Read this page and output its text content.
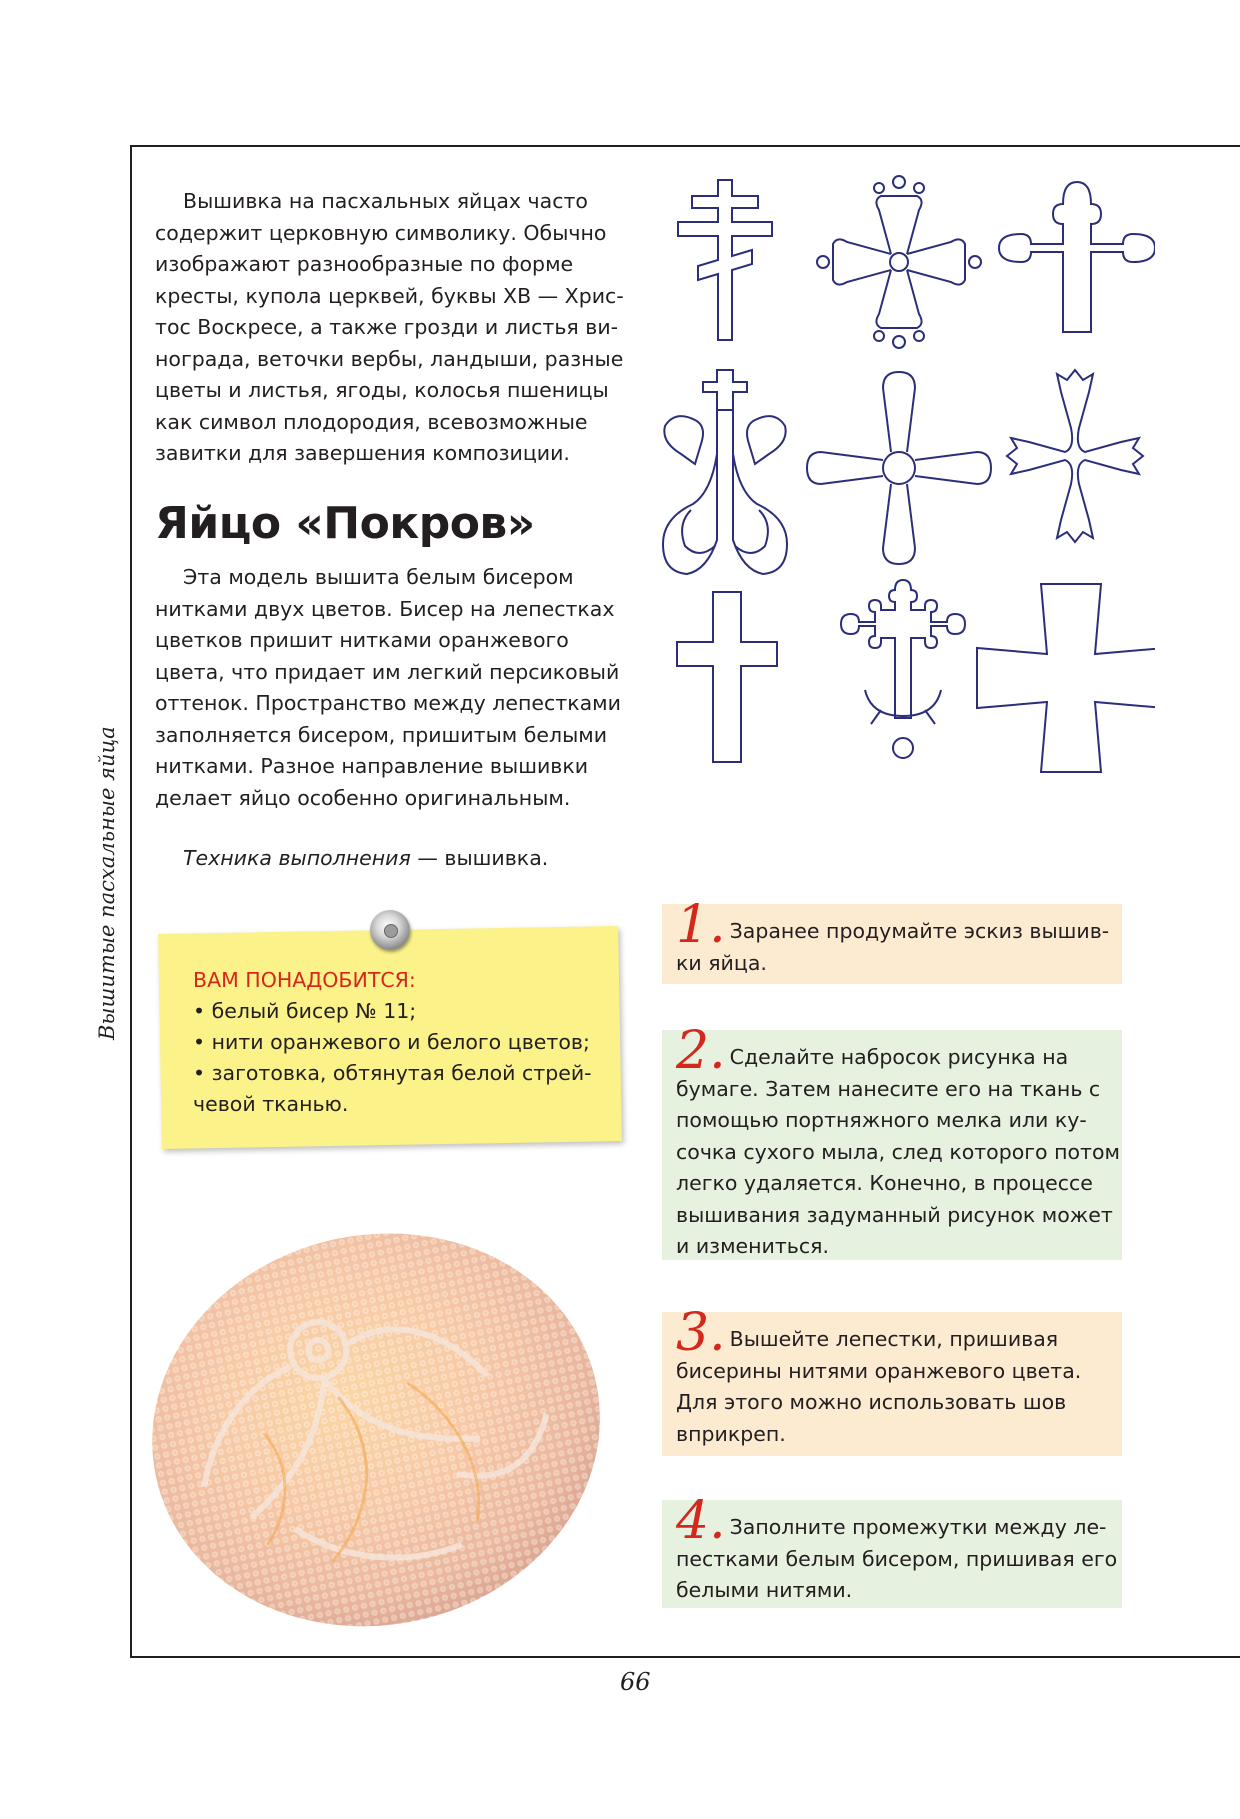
Вышитые пасхальные яйца
Вышивка на пасхальных яйцах часто
содержит церковную символику. Обычно
изображают разнообразные по форме
кресты, купола церквей, буквы ХВ — Хрис-
тос Воскресе, а также грозди и листья ви-
нограда, веточки вербы, ландыши, разные
цветы и листья, ягоды, колосья пшеницы
как символ плодородия, всевозможные
завитки для завершения композиции.
Яйцо «Покров»
Эта модель вышита белым бисером
нитками двух цветов. Бисер на лепестках
цветков пришит нитками оранжевого
цвета, что придает им легкий персиковый
оттенок. Пространство между лепестками
заполняется бисером, пришитым белыми
нитками. Разное направление вышивки
делает яйцо особенно оригинальным.
Техника выполнения — вышивка.
ВАМ ПОНАДОБИТСЯ:
• белый бисер № 11;
• нити оранжевого и белого цветов;
• заготовка, обтянутая белой стрей-
чевой тканью.
1. Заранее продумайте эскиз вышив-
ки яйца.
2. Сделайте набросок рисунка на
бумаге. Затем нанесите его на ткань с
помощью портняжного мелка или ку-
сочка сухого мыла, след которого потом
легко удаляется. Конечно, в процессе
вышивания задуманный рисунок может
и измениться.
3. Вышейте лепестки, пришивая
бисерины нитями оранжевого цвета.
Для этого можно использовать шов
вприкреп.
4. Заполните промежутки между ле-
пестками белым бисером, пришивая его
белыми нитями.
66
